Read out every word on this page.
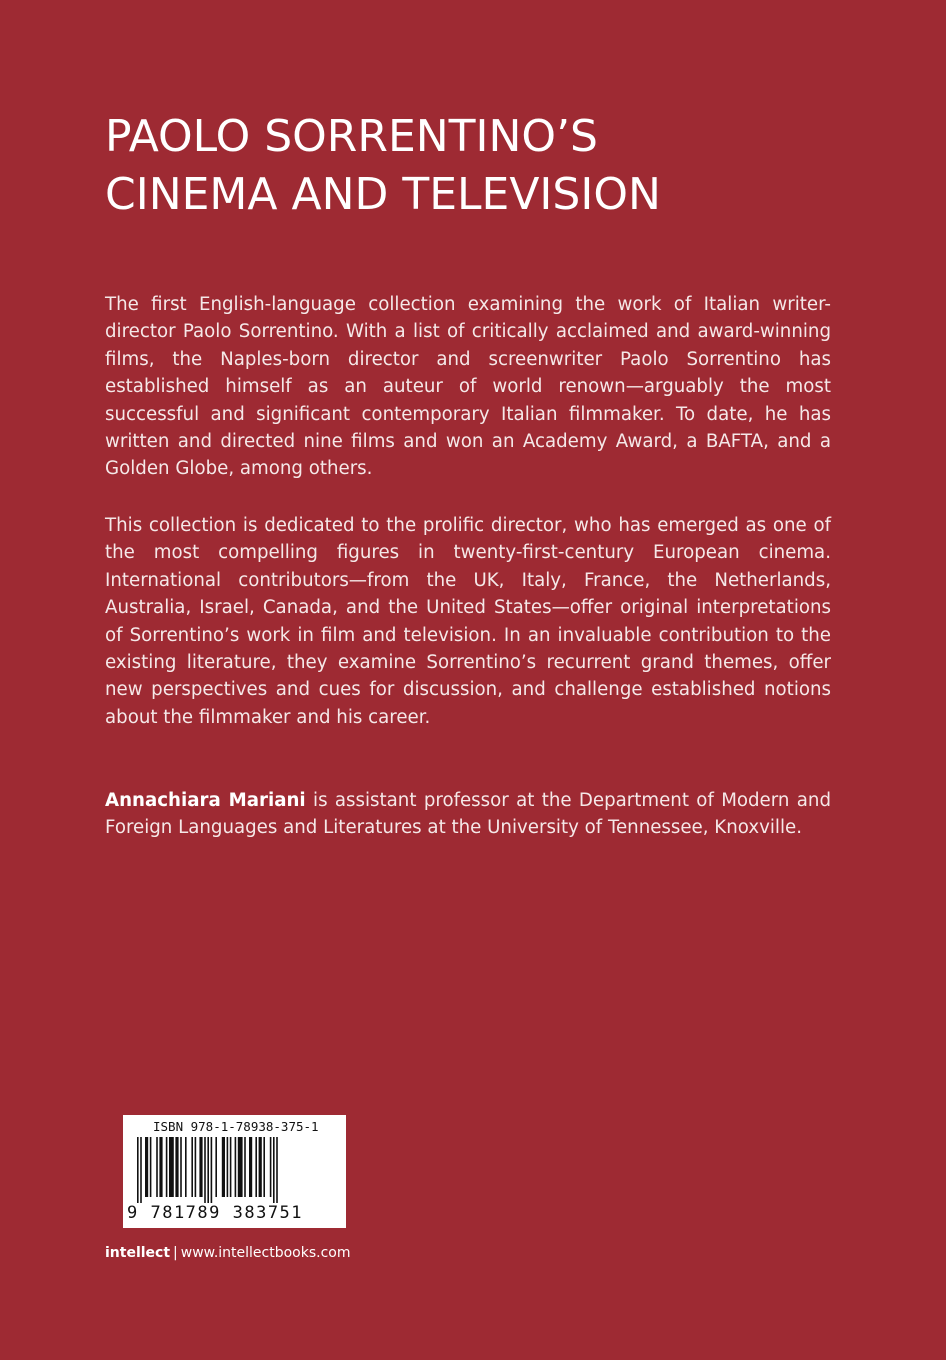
PAOLO SORRENTINO’S
CINEMA AND TELEVISION

The first English-language collection examining the work of Italian writer-director Paolo Sorrentino. With a list of critically acclaimed and award-winning films, the Naples-born director and screenwriter Paolo Sorrentino has established himself as an auteur of world renown—arguably the most successful and significant contemporary Italian filmmaker. To date, he has written and directed nine films and won an Academy Award, a BAFTA, and a Golden Globe, among others.

This collection is dedicated to the prolific director, who has emerged as one of the most compelling figures in twenty-first-century European cinema. International contributors—from the UK, Italy, France, the Netherlands, Australia, Israel, Canada, and the United States—offer original interpretations of Sorrentino’s work in film and television. In an invaluable contribution to the existing literature, they examine Sorrentino’s recurrent grand themes, offer new perspectives and cues for discussion, and challenge established notions about the filmmaker and his career.

Annachiara Mariani is assistant professor at the Department of Modern and Foreign Languages and Literatures at the University of Tennessee, Knoxville.

ISBN 978-1-78938-375-1
9 781789 383751
intellect | www.intellectbooks.com
